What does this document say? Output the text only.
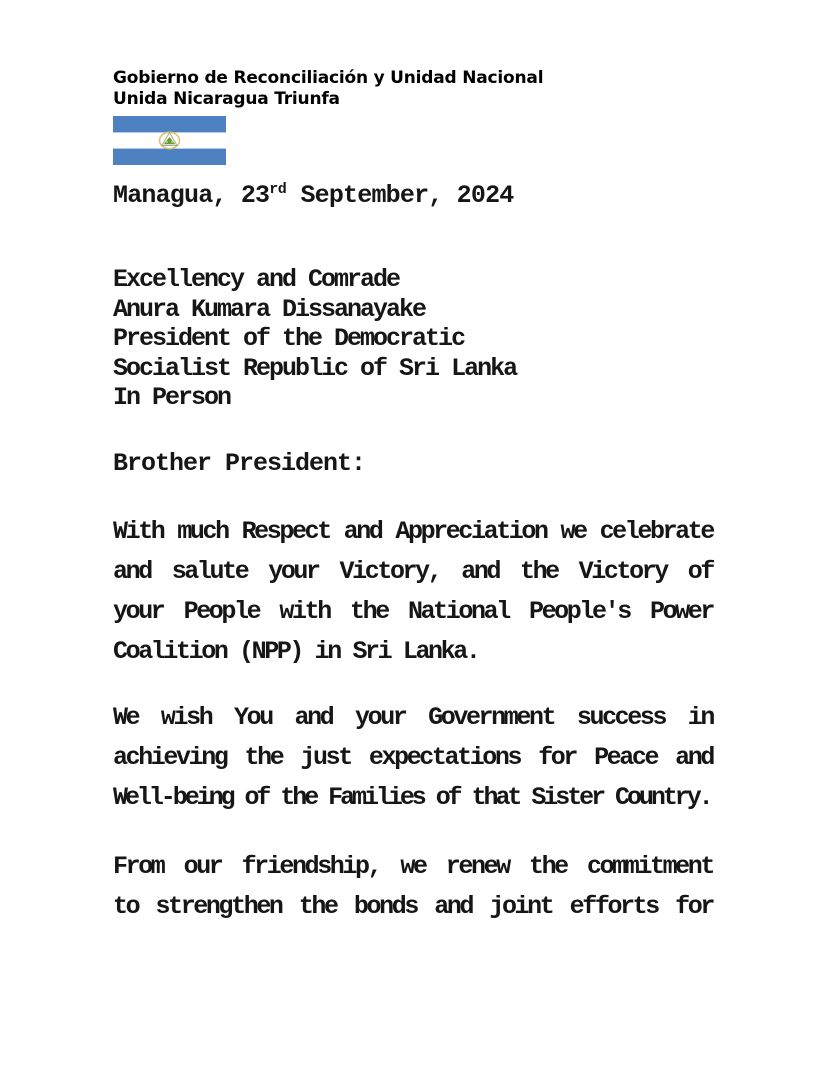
Gobierno de Reconciliación y Unidad Nacional
Unida Nicaragua Triunfa
Managua, 23rd September, 2024
Excellency and Comrade
Anura Kumara Dissanayake
President of the Democratic
Socialist Republic of Sri Lanka
In Person
Brother President:
With much Respect and Appreciation we celebrate
and salute your Victory, and the Victory of
your People with the National People's Power
Coalition (NPP) in Sri Lanka.
We wish You and your Government success in
achieving the just expectations for Peace and
Well-being of the Families of that Sister Country.
From our friendship, we renew the commitment
to strengthen the bonds and joint efforts for
